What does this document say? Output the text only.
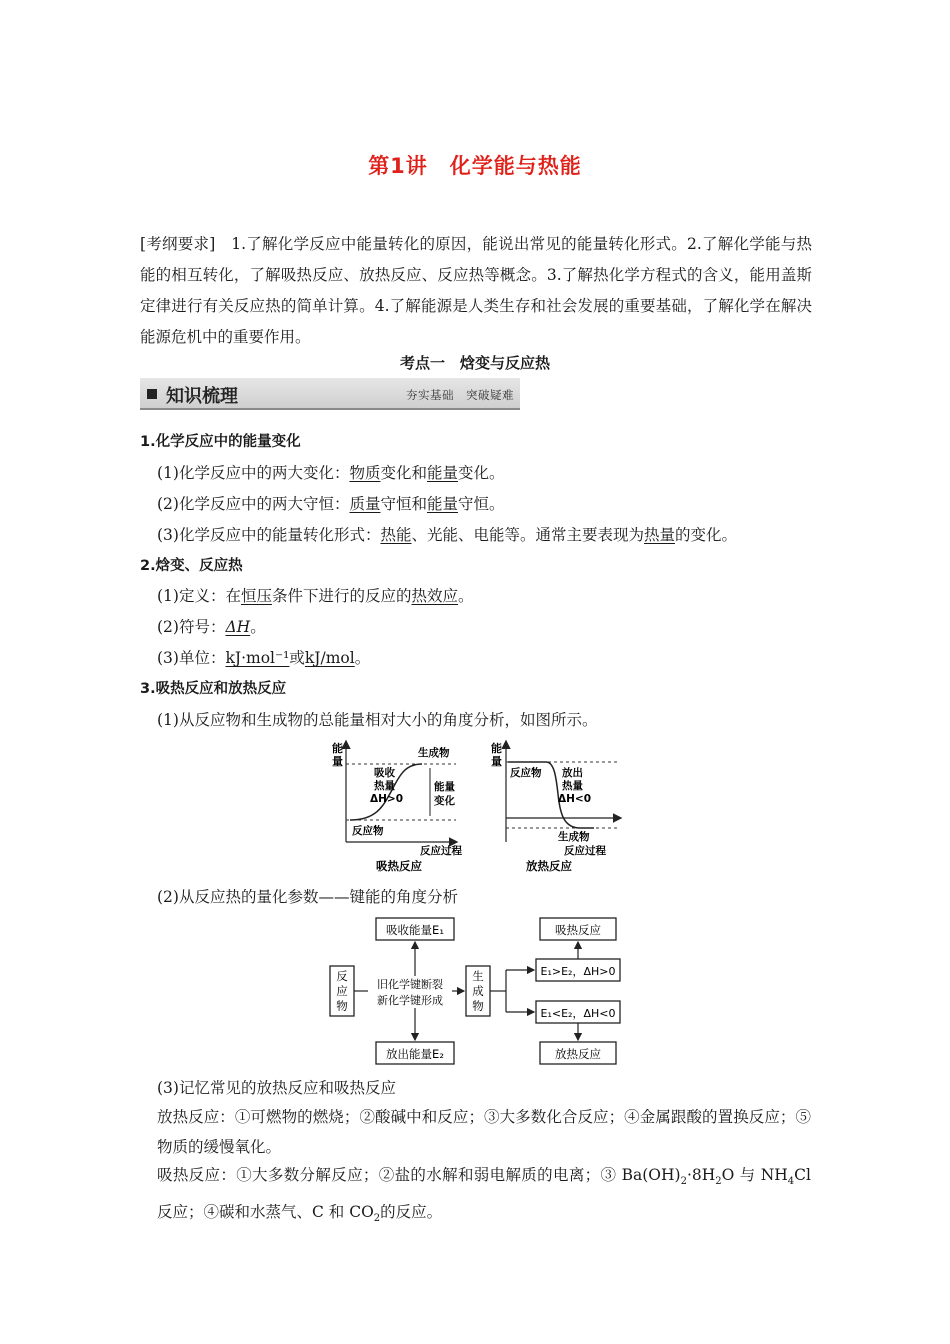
第1讲　化学能与热能

[考纲要求]　 1.了解化学反应中能量转化的原因，能说出常见的能量转化形式。2.了解化学能与热能的相互转化，了解吸热反应、放热反应、反应热等概念。3.了解热化学方程式的含义，能用盖斯定律进行有关反应热的简单计算。4.了解能源是人类生存和社会发展的重要基础，了解化学在解决能源危机中的重要作用。

考点一　焓变与反应热
知识梳理	夯实基础　突破疑难
1.化学反应中的能量变化
(1)化学反应中的两大变化：物质变化和能量变化。
(2)化学反应中的两大守恒：质量守恒和能量守恒。
(3)化学反应中的能量转化形式：热能、光能、电能等。通常主要表现为热量的变化。
2.焓变、反应热
(1)定义：在恒压条件下进行的反应的热效应。
(2)符号：ΔH。
(3)单位：kJ·mol⁻¹或kJ/mol。
3.吸热反应和放热反应
(1)从反应物和生成物的总能量相对大小的角度分析，如图所示。
能
量
生成物
吸收
热量
ΔH>0
能量
变化
反应物
反应过程
吸热反应
能
量
反应物 放出
热量
ΔH<0
生成物
反应过程
放热反应
(2)从反应热的量化参数——键能的角度分析
吸收能量E₁
放出能量E₂
反
应
物
生
成
物
旧化学键断裂
新化学键形成
E₁>E₂，ΔH>0
E₁<E₂，ΔH<0
吸热反应
放热反应
(3)记忆常见的放热反应和吸热反应

放热反应：①可燃物的燃烧；②酸碱中和反应；③大多数化合反应；④金属跟酸的置换反应；⑤物质的缓慢氧化。

吸热反应：①大多数分解反应；②盐的水解和弱电解质的电离；③ $Ba(OH)_2\cdot 8H_2O$ 与 $NH_4Cl$ 反应；④碳和水蒸气、C 和 $CO_2$的反应。
